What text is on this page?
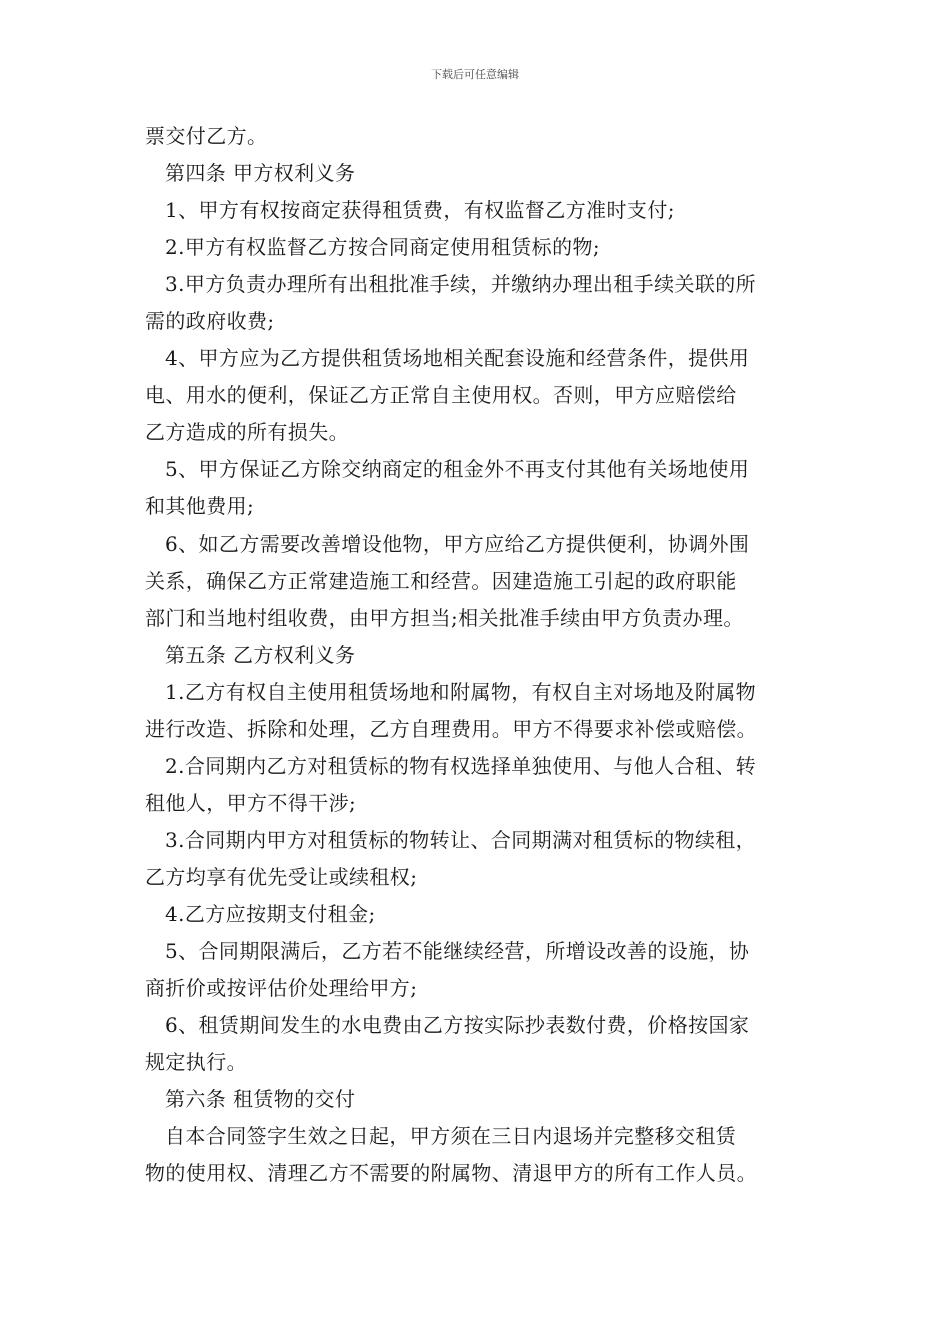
下载后可任意编辑
票交付乙方。
第四条 甲方权利义务
1、甲方有权按商定获得租赁费，有权监督乙方准时支付;
2.甲方有权监督乙方按合同商定使用租赁标的物;
3.甲方负责办理所有出租批准手续，并缴纳办理出租手续关联的所
需的政府收费;
4、甲方应为乙方提供租赁场地相关配套设施和经营条件，提供用
电、用水的便利，保证乙方正常自主使用权。否则，甲方应赔偿给
乙方造成的所有损失。
5、甲方保证乙方除交纳商定的租金外不再支付其他有关场地使用
和其他费用;
6、如乙方需要改善增设他物，甲方应给乙方提供便利，协调外围
关系，确保乙方正常建造施工和经营。因建造施工引起的政府职能
部门和当地村组收费，由甲方担当;相关批准手续由甲方负责办理。
第五条 乙方权利义务
1.乙方有权自主使用租赁场地和附属物，有权自主对场地及附属物
进行改造、拆除和处理，乙方自理费用。甲方不得要求补偿或赔偿。
2.合同期内乙方对租赁标的物有权选择单独使用、与他人合租、转
租他人，甲方不得干涉;
3.合同期内甲方对租赁标的物转让、合同期满对租赁标的物续租，
乙方均享有优先受让或续租权;
4.乙方应按期支付租金;
5、合同期限满后，乙方若不能继续经营，所增设改善的设施，协
商折价或按评估价处理给甲方;
6、租赁期间发生的水电费由乙方按实际抄表数付费，价格按国家
规定执行。
第六条 租赁物的交付
自本合同签字生效之日起，甲方须在三日内退场并完整移交租赁
物的使用权、清理乙方不需要的附属物、清退甲方的所有工作人员。
